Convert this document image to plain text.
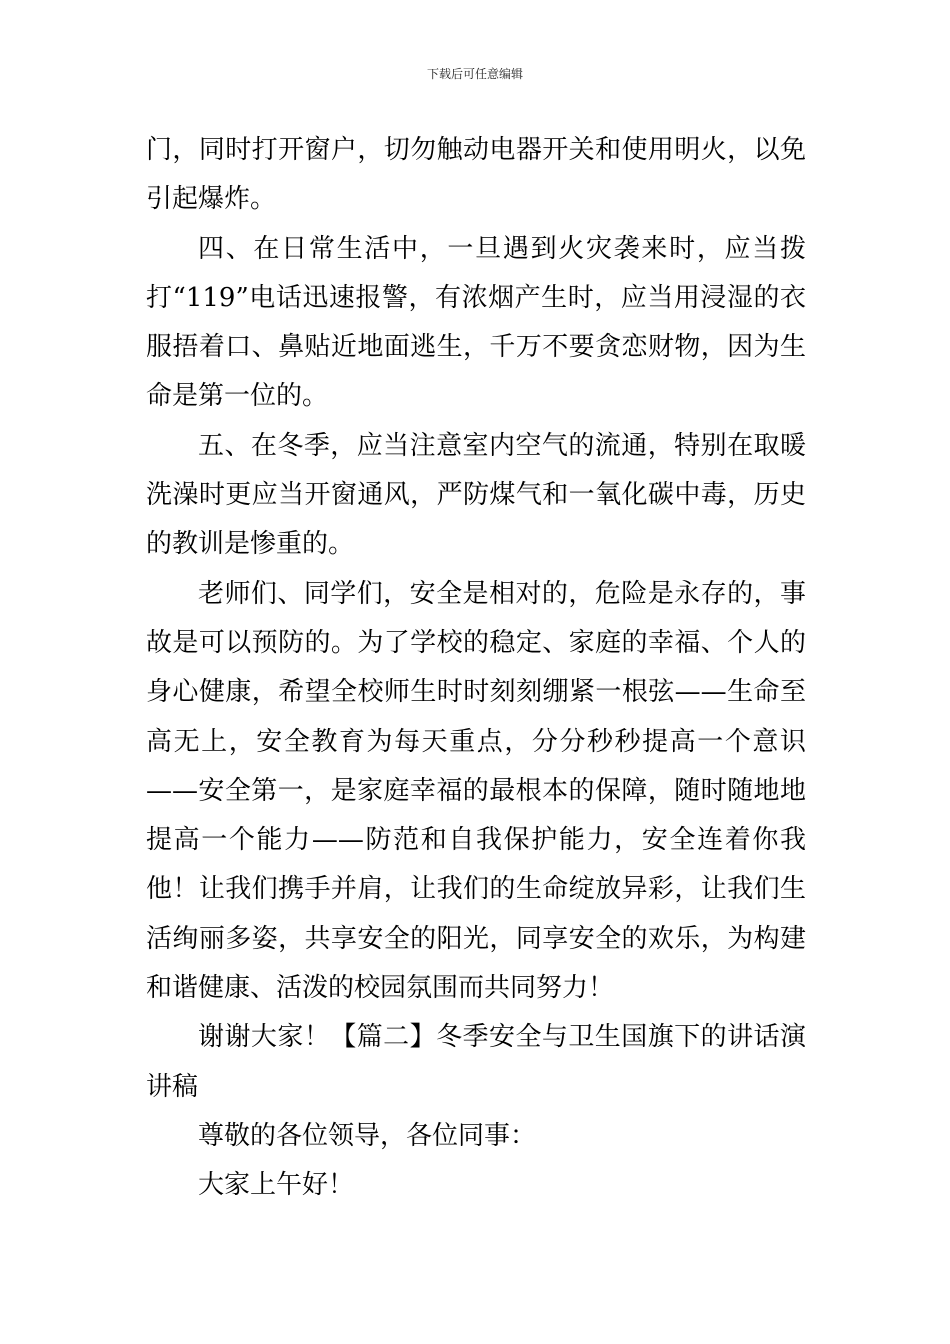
下载后可任意编辑

门，同时打开窗户，切勿触动电器开关和使用明火，以免引起爆炸。

四、在日常生活中，一旦遇到火灾袭来时，应当拨打“119”电话迅速报警，有浓烟产生时，应当用浸湿的衣服捂着口、鼻贴近地面逃生，千万不要贪恋财物，因为生命是第一位的。

五、在冬季，应当注意室内空气的流通，特别在取暖洗澡时更应当开窗通风，严防煤气和一氧化碳中毒，历史的教训是惨重的。

老师们、同学们，安全是相对的，危险是永存的，事故是可以预防的。为了学校的稳定、家庭的幸福、个人的身心健康，希望全校师生时时刻刻绷紧一根弦——生命至高无上，安全教育为每天重点，分分秒秒提高一个意识——安全第一，是家庭幸福的最根本的保障，随时随地地提高一个能力——防范和自我保护能力，安全连着你我他！让我们携手并肩，让我们的生命绽放异彩，让我们生活绚丽多姿，共享安全的阳光，同享安全的欢乐，为构建和谐健康、活泼的校园氛围而共同努力！

谢谢大家！【篇二】冬季安全与卫生国旗下的讲话演讲稿

尊敬的各位领导，各位同事：

大家上午好！
